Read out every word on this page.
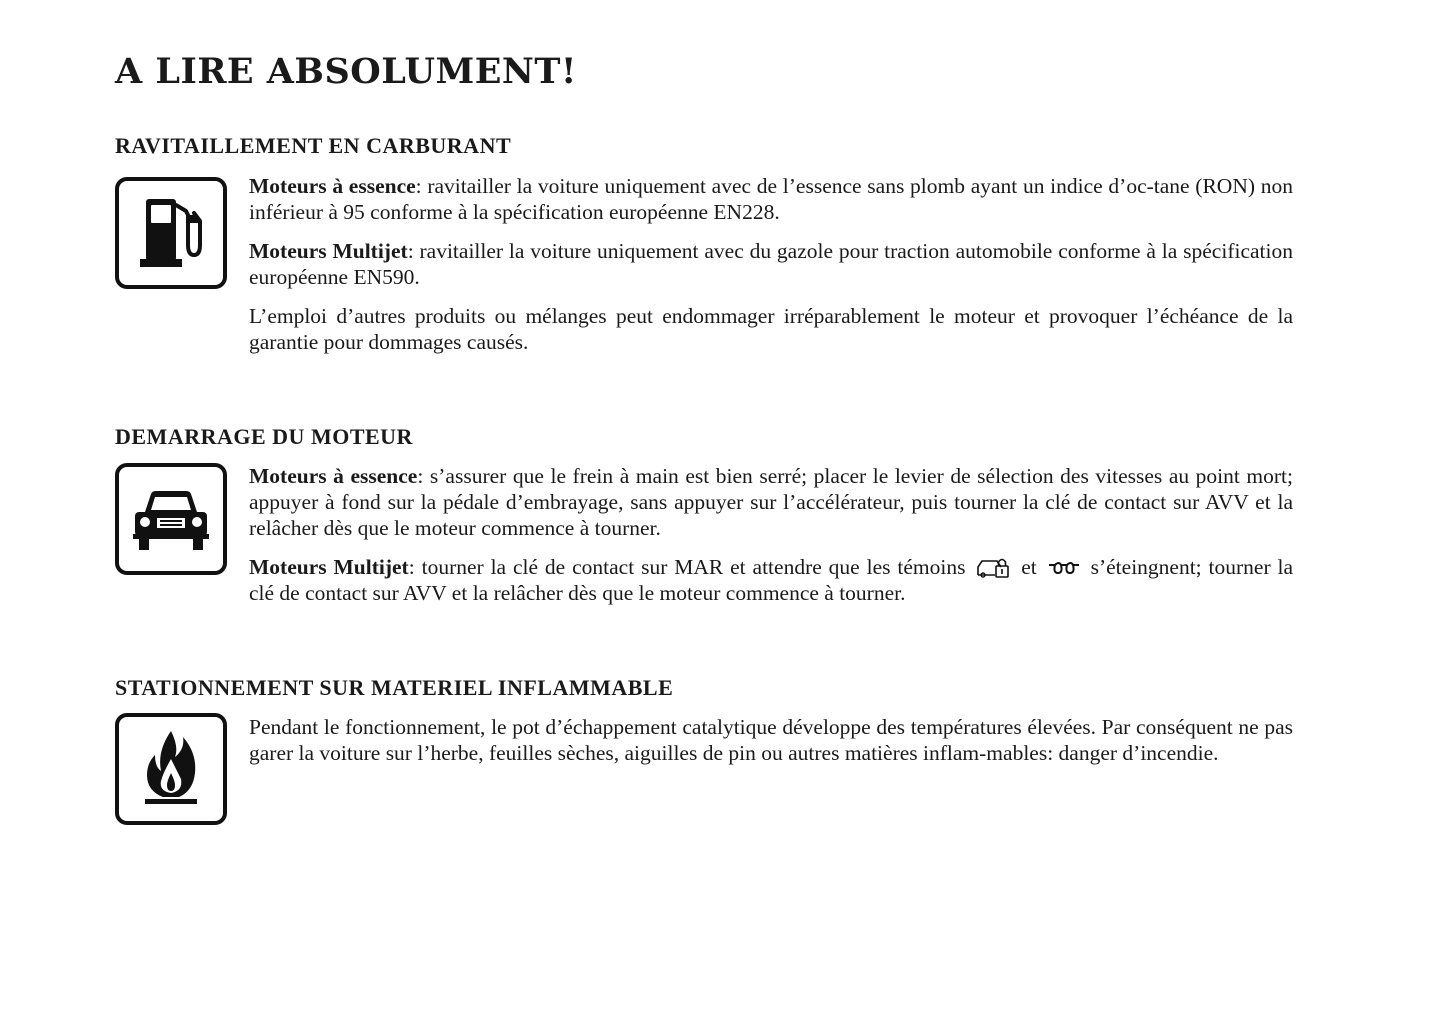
A LIRE ABSOLUMENT!
RAVITAILLEMENT EN CARBURANT

Moteurs à essence: ravitailler la voiture uniquement avec de l’essence sans plomb ayant un indice d’oc-tane (RON) non inférieur à 95 conforme à la spécification européenne EN228.

Moteurs Multijet: ravitailler la voiture uniquement avec du gazole pour traction automobile conforme à la spécification européenne EN590.

L’emploi d’autres produits ou mélanges peut endommager irréparablement le moteur et provoquer l’échéance de la garantie pour dommages causés.

DEMARRAGE DU MOTEUR

Moteurs à essence: s’assurer que le frein à main est bien serré; placer le levier de sélection des vitesses au point mort; appuyer à fond sur la pédale d’embrayage, sans appuyer sur l’accélérateur, puis tourner la clé de contact sur AVV et la relâcher dès que le moteur commence à tourner.

Moteurs Multijet: tourner la clé de contact sur MAR et attendre que les témoins	et	s’éteingnent; tourner la clé de contact sur AVV et la relâcher dès que le moteur commence à tourner.

STATIONNEMENT SUR MATERIEL INFLAMMABLE

Pendant le fonctionnement, le pot d’échappement catalytique développe des températures élevées. Par conséquent ne pas garer la voiture sur l’herbe, feuilles sèches, aiguilles de pin ou autres matières inflam-mables: danger d’incendie.
